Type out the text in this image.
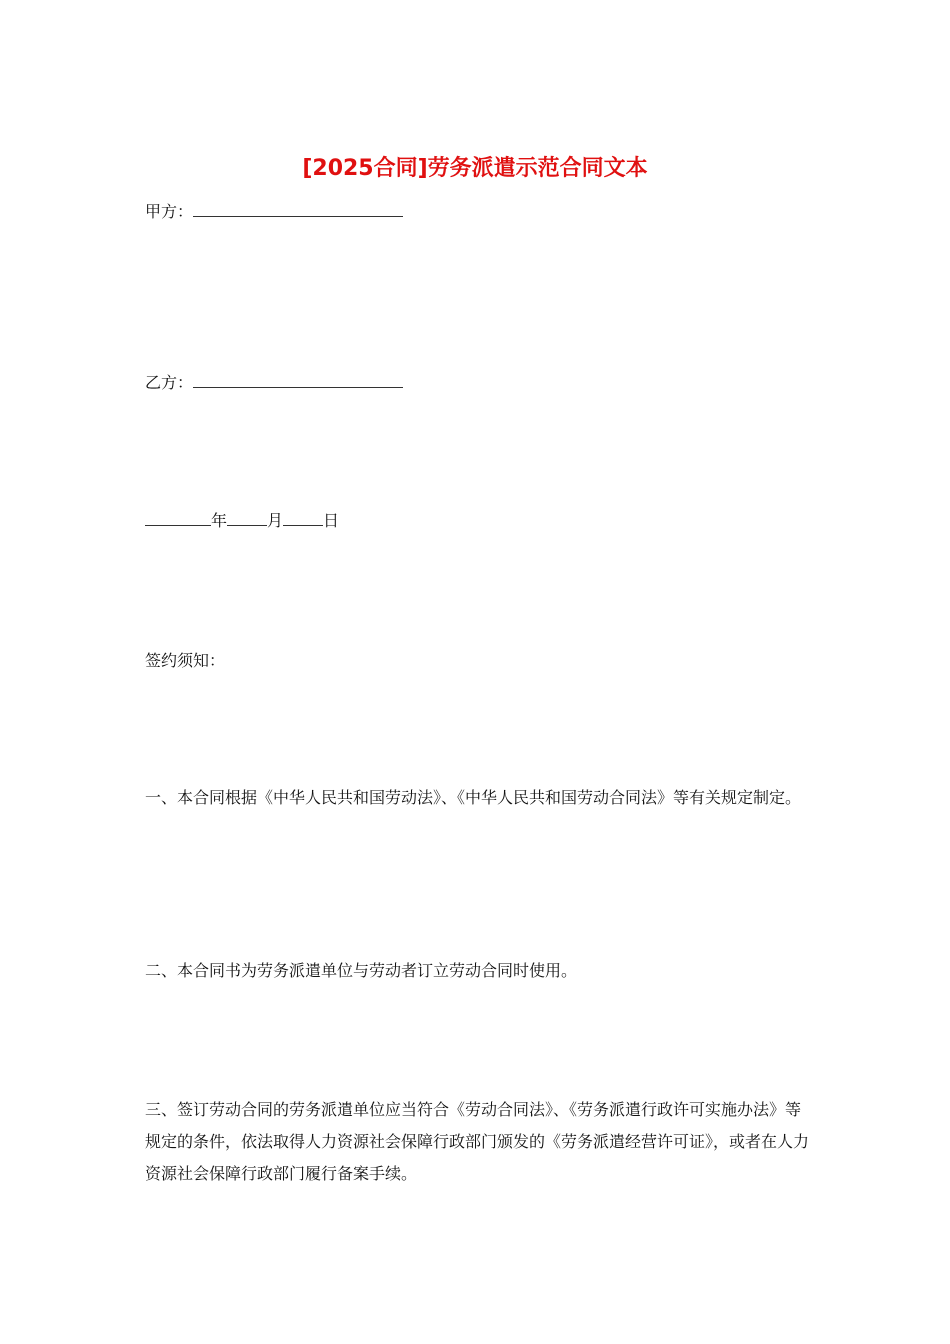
[2025合同]劳务派遣示范合同文本
甲方：
乙方：
年	月	日
签约须知：

一、本合同根据《中华人民共和国劳动法》、《中华人民共和国劳动合同法》等有关规定制定。

二、本合同书为劳务派遣单位与劳动者订立劳动合同时使用。

三、签订劳动合同的劳务派遣单位应当符合《劳动合同法》、《劳务派遣行政许可实施办法》等规定的条件，依法取得人力资源社会保障行政部门颁发的《劳务派遣经营许可证》，或者在人力资源社会保障行政部门履行备案手续。
